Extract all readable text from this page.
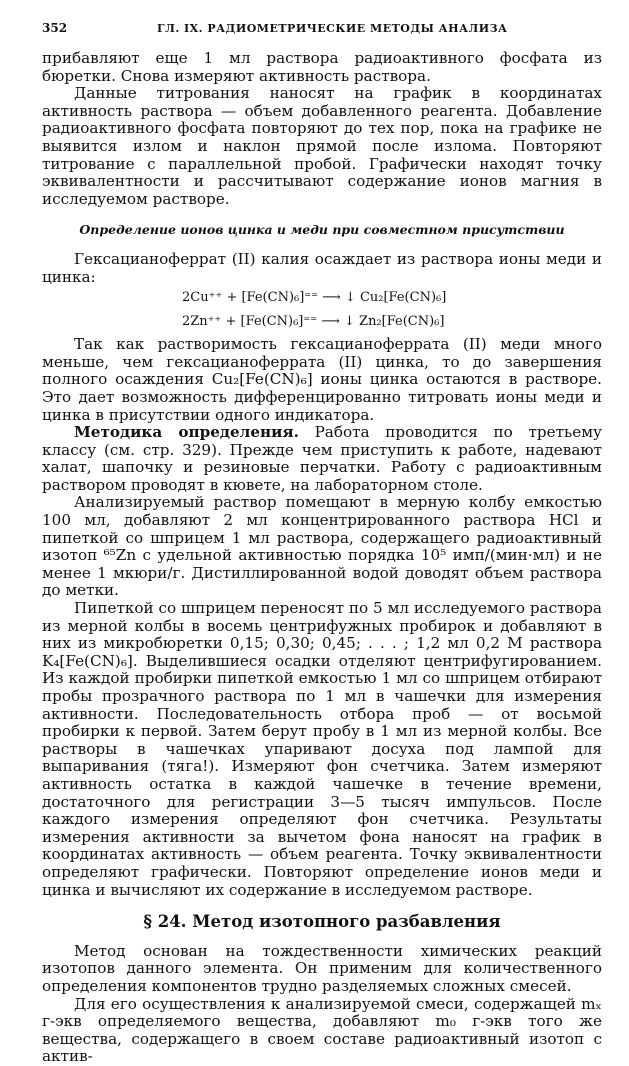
352	ГЛ. IX. РАДИОМЕТРИЧЕСКИЕ МЕТОДЫ АНАЛИЗА

прибавляют еще 1 мл раствора радиоактивного фосфата из бюретки. Снова измеряют активность раствора.

Данные титрования наносят на график в координатах активность раствора — объем добавленного реагента. Добавление радиоактивного фосфата повторяют до тех пор, пока на графике не выявится излом и наклон прямой после излома. Повторяют титрование с параллельной пробой. Графически находят точку эквивалентности и рассчитывают содержание ионов магния в исследуемом растворе.

Определение ионов цинка и меди при совместном присутствии

Гексацианоферрат (II) калия осаждает из раствора ионы меди и цинка:

2Cu⁺⁺ + [Fe(CN)₆]⁼⁼ ⟶ ↓ Cu₂[Fe(CN)₆]
2Zn⁺⁺ + [Fe(CN)₆]⁼⁼ ⟶ ↓ Zn₂[Fe(CN)₆]

Так как растворимость гексацианоферрата (II) меди много меньше, чем гексацианоферрата (II) цинка, то до завершения полного осаждения Cu₂[Fe(CN)₆] ионы цинка остаются в растворе. Это дает возможность дифференцированно титровать ионы меди и цинка в присутствии одного индикатора.

Методика определения. Работа проводится по третьему классу (см. стр. 329). Прежде чем приступить к работе, надевают халат, шапочку и резиновые перчатки. Работу с радиоактивным раствором проводят в кювете, на лабораторном столе.

Анализируемый раствор помещают в мерную колбу емкостью 100 мл, добавляют 2 мл концентрированного раствора HCl и пипеткой со шприцем 1 мл раствора, содержащего радиоактивный изотоп ⁶⁵Zn с удельной активностью порядка 10⁵ имп/(мин·мл) и не менее 1 мкюри/г. Дистиллированной водой доводят объем раствора до метки.

Пипеткой со шприцем переносят по 5 мл исследуемого раствора из мерной колбы в восемь центрифужных пробирок и добавляют в них из микробюретки 0,15; 0,30; 0,45; . . . ; 1,2 мл 0,2 М раствора K₄[Fe(CN)₆]. Выделившиеся осадки отделяют центрифугированием. Из каждой пробирки пипеткой емкостью 1 мл со шприцем отбирают пробы прозрачного раствора по 1 мл в чашечки для измерения активности. Последовательность отбора проб — от восьмой пробирки к первой. Затем берут пробу в 1 мл из мерной колбы. Все растворы в чашечках упаривают досуха под лампой для выпаривания (тяга!). Измеряют фон счетчика. Затем измеряют активность остатка в каждой чашечке в течение времени, достаточного для регистрации 3—5 тысяч импульсов. После каждого измерения определяют фон счетчика. Результаты измерения активности за вычетом фона наносят на график в координатах активность — объем реагента. Точку эквивалентности определяют графически. Повторяют определение ионов меди и цинка и вычисляют их содержание в исследуемом растворе.

§ 24. Метод изотопного разбавления

Метод основан на тождественности химических реакций изотопов данного элемента. Он применим для количественного определения компонентов трудно разделяемых сложных смесей.

Для его осуществления к анализируемой смеси, содержащей mₓ г-экв определяемого вещества, добавляют m₀ г-экв того же вещества, содержащего в своем составе радиоактивный изотоп с актив-
